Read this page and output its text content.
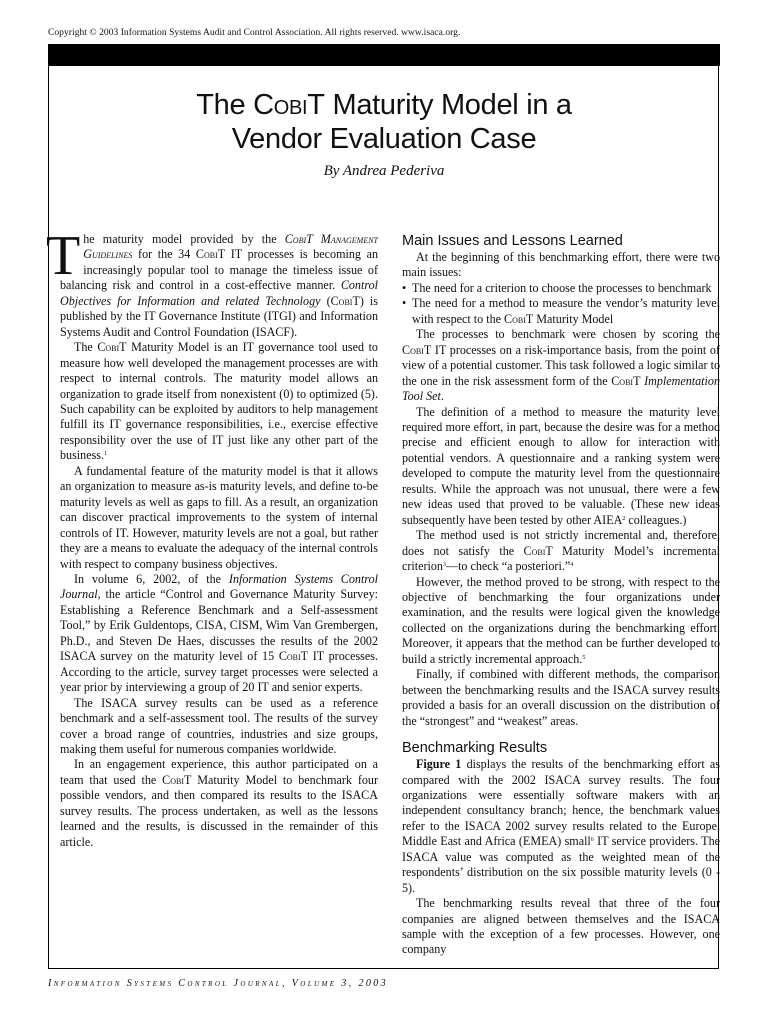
Copyright © 2003 Information Systems Audit and Control Association. All rights reserved. www.isaca.org.
The CobiT Maturity Model in a
Vendor Evaluation Case
By Andrea Pederiva

The maturity model provided by the CobiT Management Guidelines for the 34 CobiT IT processes is becoming an increasingly popular tool to manage the timeless issue of balancing risk and control in a cost-effective manner. Control Objectives for Information and related Technology (CobiT) is published by the IT Governance Institute (ITGI) and Information Systems Audit and Control Foundation (ISACF).

The CobiT Maturity Model is an IT governance tool used to measure how well developed the management processes are with respect to internal controls. The maturity model allows an organization to grade itself from nonexistent (0) to optimized (5). Such capability can be exploited by auditors to help management fulfill its IT governance responsibilities, i.e., exercise effective responsibility over the use of IT just like any other part of the business.$^1$

A fundamental feature of the maturity model is that it allows an organization to measure as-is maturity levels, and define to-be maturity levels as well as gaps to fill. As a result, an organization can discover practical improvements to the system of internal controls of IT. However, maturity levels are not a goal, but rather they are a means to evaluate the adequacy of the internal controls with respect to company business objectives.

In volume 6, 2002, of the Information Systems Control Journal, the article “Control and Governance Maturity Survey: Establishing a Reference Benchmark and a Self-assessment Tool,” by Erik Guldentops, CISA, CISM, Wim Van Grembergen, Ph.D., and Steven De Haes, discusses the results of the 2002 ISACA survey on the maturity level of 15 CobiT IT processes. According to the article, survey target processes were selected a year prior by interviewing a group of 20 IT and senior experts.

The ISACA survey results can be used as a reference benchmark and a self-assessment tool. The results of the survey cover a broad range of countries, industries and size groups, making them useful for numerous companies worldwide.

In an engagement experience, this author participated on a team that used the CobiT Maturity Model to benchmark four possible vendors, and then compared its results to the ISACA survey results. The process undertaken, as well as the lessons learned and the results, is discussed in the remainder of this article.

Main Issues and Lessons Learned

At the beginning of this benchmarking effort, there were two main issues:

• The need for a criterion to choose the processes to benchmark
• The need for a method to measure the vendor’s maturity level with respect to the CobiT Maturity Model

The processes to benchmark were chosen by scoring the CobiT IT processes on a risk-importance basis, from the point of view of a potential customer. This task followed a logic similar to the one in the risk assessment form of the CobiT Implementation Tool Set.

The definition of a method to measure the maturity level required more effort, in part, because the desire was for a method precise and efficient enough to allow for interaction with potential vendors. A questionnaire and a ranking system were developed to compute the maturity level from the questionnaire results. While the approach was not unusual, there were a few new ideas used that proved to be valuable. (These new ideas subsequently have been tested by other AIEA$^2$ colleagues.)

The method used is not strictly incremental and, therefore, does not satisfy the CobiT Maturity Model’s incremental criterion$^3$—to check “a posteriori.”$^4$

However, the method proved to be strong, with respect to the objective of benchmarking the four organizations under examination, and the results were logical given the knowledge collected on the organizations during the benchmarking effort. Moreover, it appears that the method can be further developed to build a strictly incremental approach.$^5$

Finally, if combined with different methods, the comparison between the benchmarking results and the ISACA survey results provided a basis for an overall discussion on the distribution of the “strongest” and “weakest” areas.

Benchmarking Results

Figure 1 displays the results of the benchmarking effort as compared with the 2002 ISACA survey results. The four organizations were essentially software makers with an independent consultancy branch; hence, the benchmark values refer to the ISACA 2002 survey results related to the Europe, Middle East and Africa (EMEA) small$^6$ IT service providers. The ISACA value was computed as the weighted mean of the respondents’ distribution on the six possible maturity levels (0 - 5).

The benchmarking results reveal that three of the four companies are aligned between themselves and the ISACA sample with the exception of a few processes. However, one company

Information Systems Control Journal, Volume 3, 2003
